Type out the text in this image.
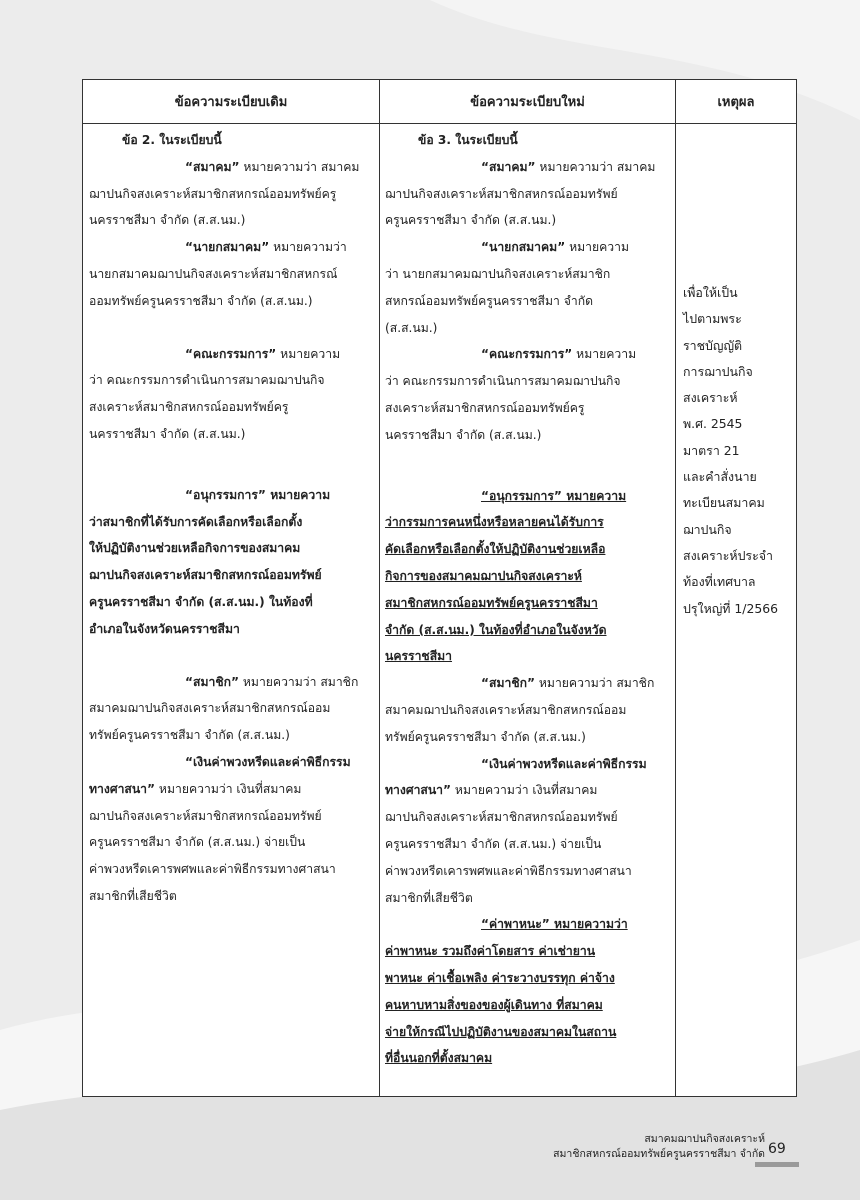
ข้อความระเบียบเดิม	ข้อความระเบียบใหม่	เหตุผล

ข้อ 2. ในระเบียบนี้

“สมาคม” หมายความว่า สมาคม

ฌาปนกิจสงเคราะห์สมาชิกสหกรณ์ออมทรัพย์ครู

นครราชสีมา จำกัด (ส.ส.นม.)

“นายกสมาคม” หมายความว่า

นายกสมาคมฌาปนกิจสงเคราะห์สมาชิกสหกรณ์

ออมทรัพย์ครูนครราชสีมา จำกัด (ส.ส.นม.)

“คณะกรรมการ” หมายความ

ว่า คณะกรรมการดำเนินการสมาคมฌาปนกิจ

สงเคราะห์สมาชิกสหกรณ์ออมทรัพย์ครู

นครราชสีมา จำกัด (ส.ส.นม.)

“อนุกรรมการ” หมายความ

ว่าสมาชิกที่ได้รับการคัดเลือกหรือเลือกตั้ง

ให้ปฏิบัติงานช่วยเหลือกิจการของสมาคม

ฌาปนกิจสงเคราะห์สมาชิกสหกรณ์ออมทรัพย์

ครูนครราชสีมา จำกัด (ส.ส.นม.) ในท้องที่

อำเภอในจังหวัดนครราชสีมา

“สมาชิก” หมายความว่า สมาชิก

สมาคมฌาปนกิจสงเคราะห์สมาชิกสหกรณ์ออม

ทรัพย์ครูนครราชสีมา จำกัด (ส.ส.นม.)

“เงินค่าพวงหรีดและค่าพิธีกรรม

ทางศาสนา” หมายความว่า เงินที่สมาคม

ฌาปนกิจสงเคราะห์สมาชิกสหกรณ์ออมทรัพย์

ครูนครราชสีมา จำกัด (ส.ส.นม.) จ่ายเป็น

ค่าพวงหรีดเคารพศพและค่าพิธีกรรมทางศาสนา

สมาชิกที่เสียชีวิต

ข้อ 3. ในระเบียบนี้

“สมาคม” หมายความว่า สมาคม

ฌาปนกิจสงเคราะห์สมาชิกสหกรณ์ออมทรัพย์

ครูนครราชสีมา จำกัด (ส.ส.นม.)

“นายกสมาคม” หมายความ

ว่า นายกสมาคมฌาปนกิจสงเคราะห์สมาชิก

สหกรณ์ออมทรัพย์ครูนครราชสีมา จำกัด

(ส.ส.นม.)

“คณะกรรมการ” หมายความ

ว่า คณะกรรมการดำเนินการสมาคมฌาปนกิจ

สงเคราะห์สมาชิกสหกรณ์ออมทรัพย์ครู

นครราชสีมา จำกัด (ส.ส.นม.)

“อนุกรรมการ” หมายความ

ว่ากรรมการคนหนึ่งหรือหลายคนได้รับการ

คัดเลือกหรือเลือกตั้งให้ปฏิบัติงานช่วยเหลือ

กิจการของสมาคมฌาปนกิจสงเคราะห์

สมาชิกสหกรณ์ออมทรัพย์ครูนครราชสีมา

จำกัด (ส.ส.นม.) ในท้องที่อำเภอในจังหวัด

นครราชสีมา

“สมาชิก” หมายความว่า สมาชิก

สมาคมฌาปนกิจสงเคราะห์สมาชิกสหกรณ์ออม

ทรัพย์ครูนครราชสีมา จำกัด (ส.ส.นม.)

“เงินค่าพวงหรีดและค่าพิธีกรรม

ทางศาสนา” หมายความว่า เงินที่สมาคม

ฌาปนกิจสงเคราะห์สมาชิกสหกรณ์ออมทรัพย์

ครูนครราชสีมา จำกัด (ส.ส.นม.) จ่ายเป็น

ค่าพวงหรีดเคารพศพและค่าพิธีกรรมทางศาสนา

สมาชิกที่เสียชีวิต

“ค่าพาหนะ” หมายความว่า

ค่าพาหนะ รวมถึงค่าโดยสาร ค่าเช่ายาน

พาหนะ ค่าเชื้อเพลิง ค่าระวางบรรทุก ค่าจ้าง

คนหาบหามสิ่งของของผู้เดินทาง ที่สมาคม

จ่ายให้กรณีไปปฏิบัติงานของสมาคมในสถาน

ที่อื่นนอกที่ตั้งสมาคม

เพื่อให้เป็น
ไปตามพระ
ราชบัญญัติ
การฌาปนกิจ
สงเคราะห์
พ.ศ. 2545
มาตรา 21
และคำสั่งนาย
ทะเบียนสมาคม
ฌาปนกิจ
สงเคราะห์ประจำ
ท้องที่เทศบาล
ปรุใหญ่ที่ 1/2566
สมาคมฌาปนกิจสงเคราะห์
สมาชิกสหกรณ์ออมทรัพย์ครูนครราชสีมา จำกัด 69
